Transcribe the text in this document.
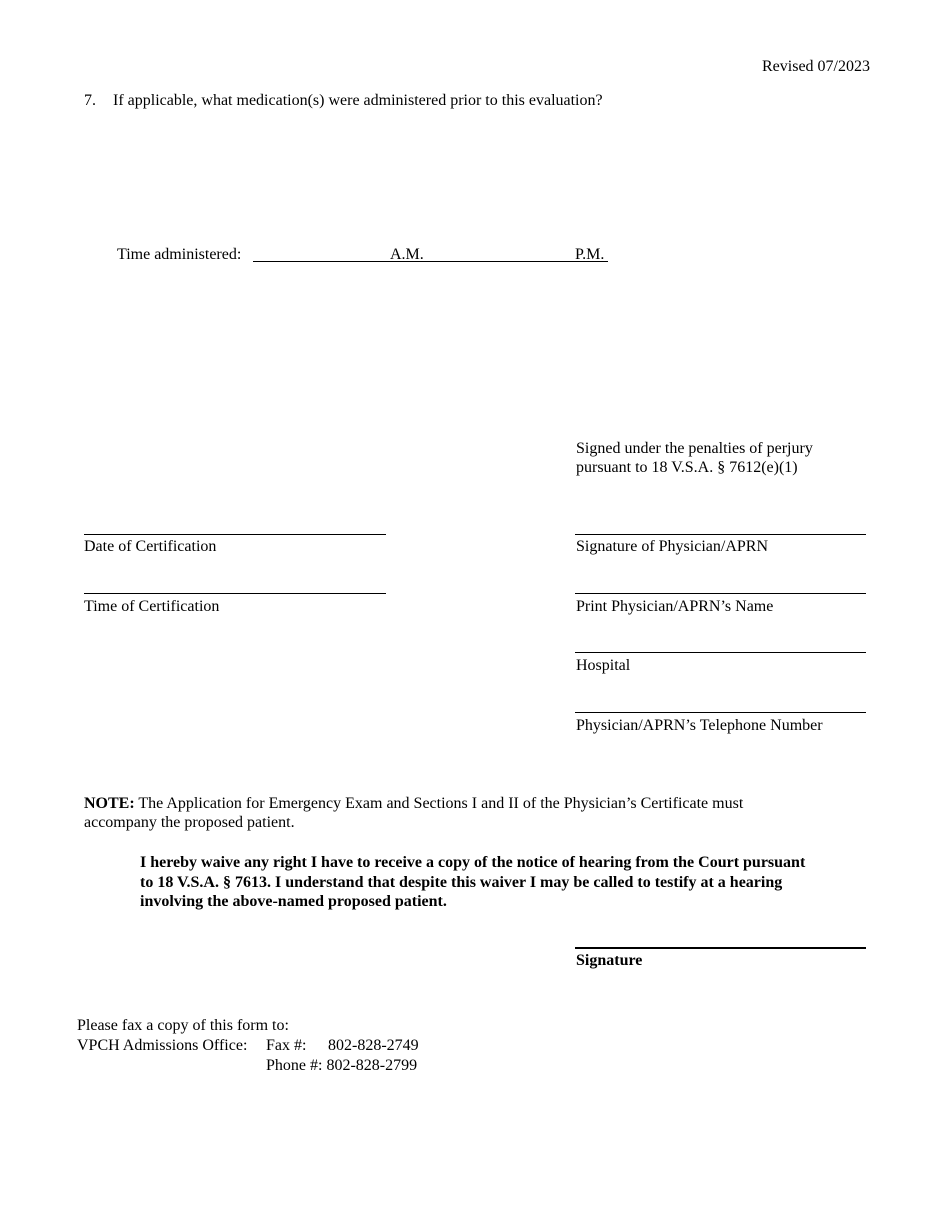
Revised 07/2023
7. If applicable, what medication(s) were administered prior to this evaluation?
Time administered:	A.M.	P.M.
Signed under the penalties of perjury
pursuant to 18 V.S.A. § 7612(e)(1)
Date of Certification
Time of Certification
Signature of Physician/APRN
Print Physician/APRN’s Name
Hospital
Physician/APRN’s Telephone Number
NOTE: The Application for Emergency Exam and Sections I and II of the Physician’s Certificate must
accompany the proposed patient.
I hereby waive any right I have to receive a copy of the notice of hearing from the Court pursuant
to 18 V.S.A. § 7613. I understand that despite this waiver I may be called to testify at a hearing
involving the above-named proposed patient.
Signature
Please fax a copy of this form to:
VPCH Admissions Office: Fax #: 802-828-2749
Phone #: 802-828-2799
